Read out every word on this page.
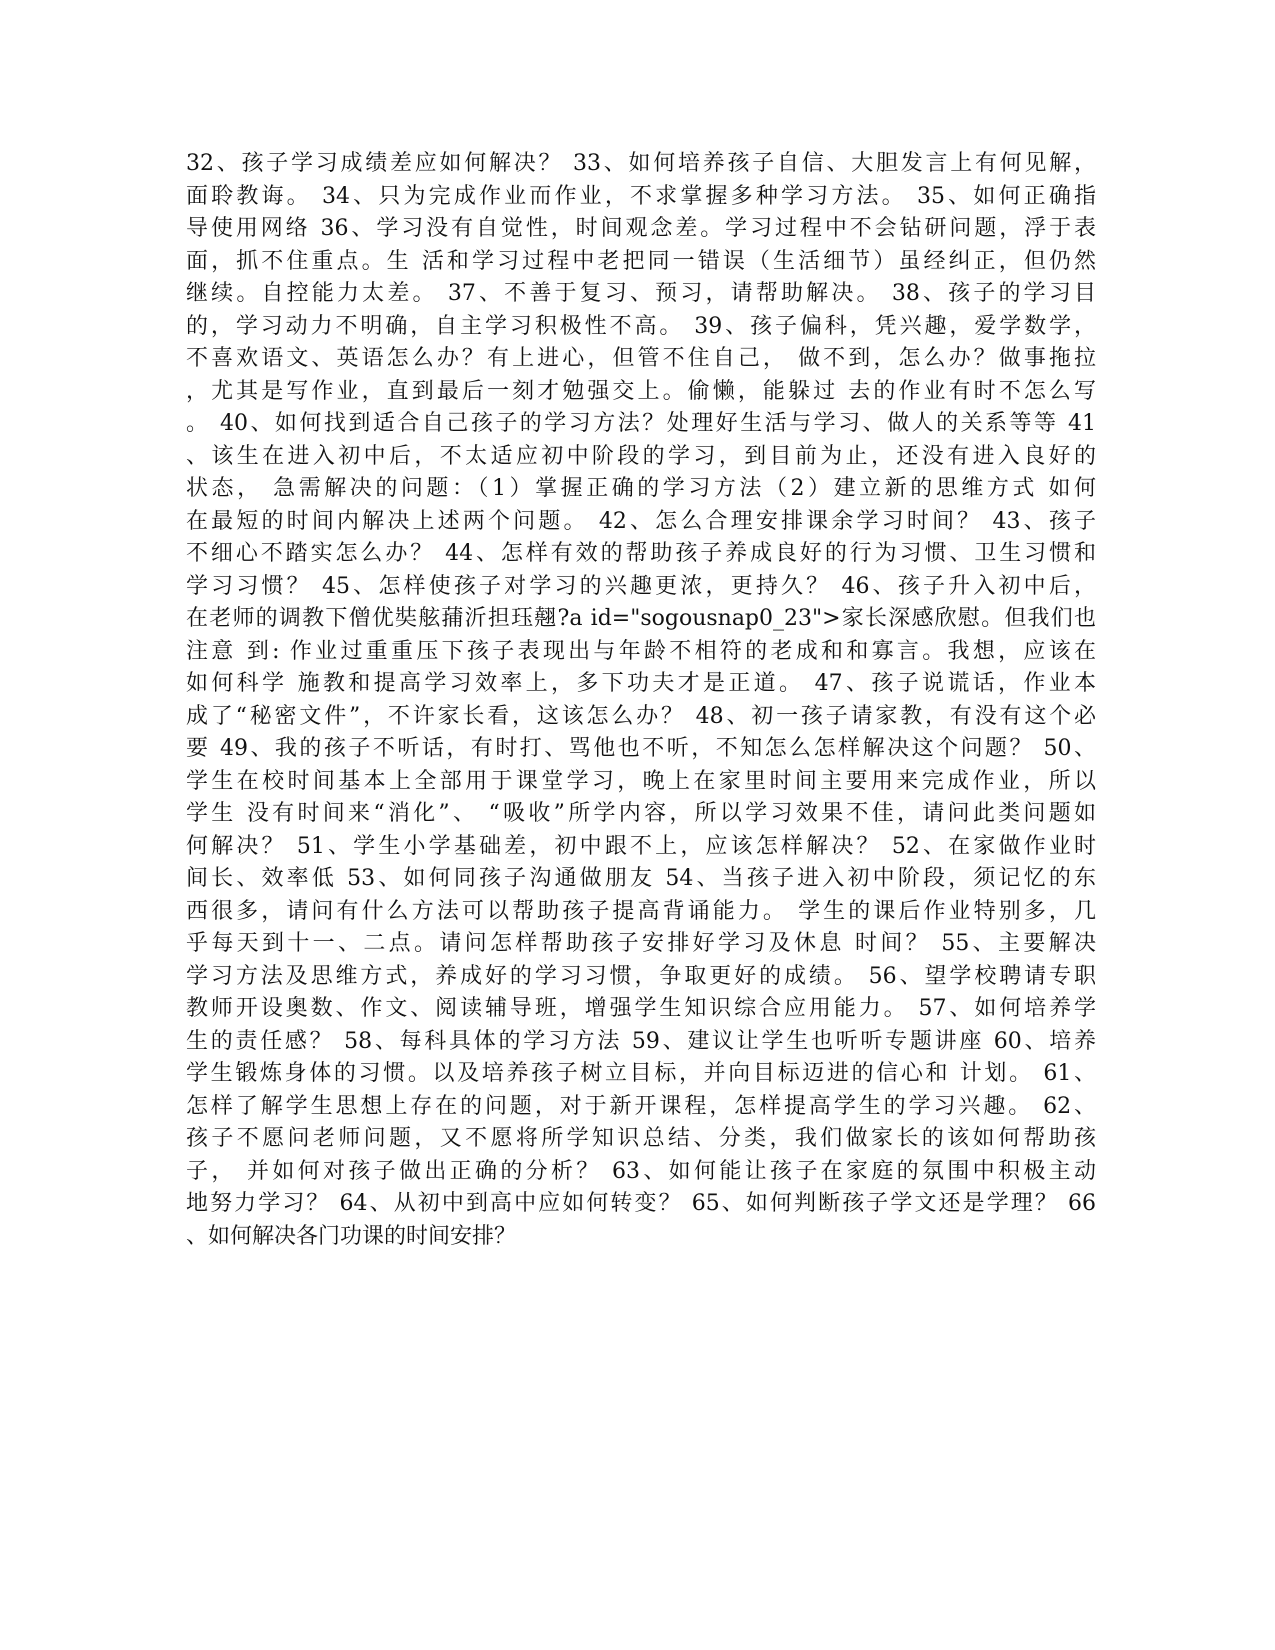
32、孩子学习成绩差应如何解决？ 33、如何培养孩子自信、大胆发言上有何见解，
面聆教诲。 34、只为完成作业而作业，不求掌握多种学习方法。 35、如何正确指
导使用网络 36、学习没有自觉性，时间观念差。学习过程中不会钻研问题，浮于表
面，抓不住重点。生 活和学习过程中老把同一错误（生活细节）虽经纠正，但仍然
继续。自控能力太差。 37、不善于复习、预习，请帮助解决。 38、孩子的学习目
的，学习动力不明确，自主学习积极性不高。 39、孩子偏科，凭兴趣，爱学数学，
不喜欢语文、英语怎么办？有上进心，但管不住自己， 做不到，怎么办？做事拖拉
，尤其是写作业，直到最后一刻才勉强交上。偷懒，能躲过 去的作业有时不怎么写
。 40、如何找到适合自己孩子的学习方法？处理好生活与学习、做人的关系等等 41
、该生在进入初中后，不太适应初中阶段的学习，到目前为止，还没有进入良好的
状态， 急需解决的问题：（1）掌握正确的学习方法（2）建立新的思维方式 如何
在最短的时间内解决上述两个问题。 42、怎么合理安排课余学习时间？ 43、孩子
不细心不踏实怎么办？ 44、怎样有效的帮助孩子养成良好的行为习惯、卫生习惯和
学习习惯？ 45、怎样使孩子对学习的兴趣更浓，更持久？ 46、孩子升入初中后，
在老师的调教下僧优奘舷蒱沂担珏翹?a id="sogousnap0_23">家长深感欣慰。但我们也
注意 到: 作业过重重压下孩子表现出与年龄不相符的老成和和寡言。我想，应该在
如何科学 施教和提高学习效率上，多下功夫才是正道。 47、孩子说谎话，作业本
成了“秘密文件”，不许家长看，这该怎么办？ 48、初一孩子请家教，有没有这个必
要 49、我的孩子不听话，有时打、骂他也不听，不知怎么怎样解决这个问题？ 50、
学生在校时间基本上全部用于课堂学习，晚上在家里时间主要用来完成作业，所以
学生 没有时间来“消化”、 “吸收”所学内容，所以学习效果不佳，请问此类问题如
何解决？ 51、学生小学基础差，初中跟不上，应该怎样解决？ 52、在家做作业时
间长、效率低 53、如何同孩子沟通做朋友 54、当孩子进入初中阶段，须记忆的东
西很多，请问有什么方法可以帮助孩子提高背诵能力。 学生的课后作业特别多，几
乎每天到十一、二点。请问怎样帮助孩子安排好学习及休息 时间？ 55、主要解决
学习方法及思维方式，养成好的学习习惯，争取更好的成绩。 56、望学校聘请专职
教师开设奥数、作文、阅读辅导班，增强学生知识综合应用能力。 57、如何培养学
生的责任感？ 58、每科具体的学习方法 59、建议让学生也听听专题讲座 60、培养
学生锻炼身体的习惯。以及培养孩子树立目标，并向目标迈进的信心和 计划。 61、
怎样了解学生思想上存在的问题，对于新开课程，怎样提高学生的学习兴趣。 62、
孩子不愿问老师问题，又不愿将所学知识总结、分类，我们做家长的该如何帮助孩
子， 并如何对孩子做出正确的分析？ 63、如何能让孩子在家庭的氛围中积极主动
地努力学习？ 64、从初中到高中应如何转变？ 65、如何判断孩子学文还是学理？ 66
、如何解决各门功课的时间安排？
